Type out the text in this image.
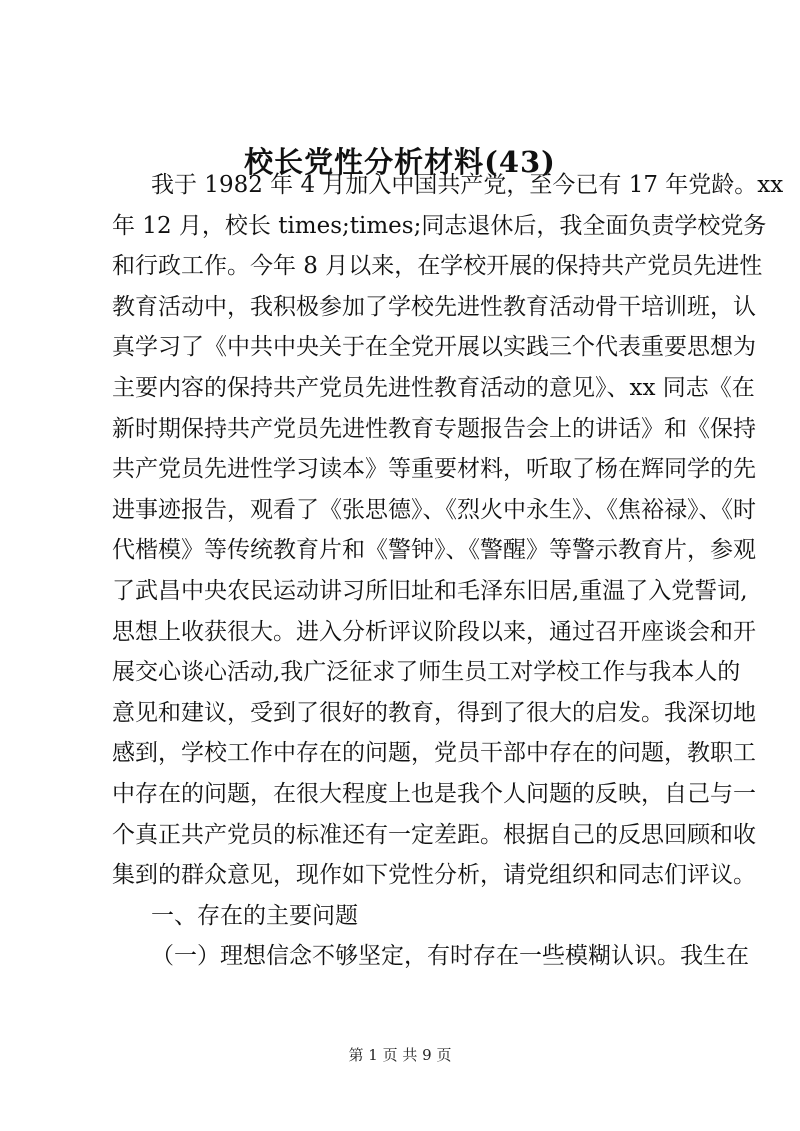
校长党性分析材料(43)
我于 1982 年 4 月加入中国共产党，至今已有 17 年党龄。xx
年 12 月，校长 times;times;同志退休后，我全面负责学校党务
和行政工作。今年 8 月以来，在学校开展的保持共产党员先进性
教育活动中，我积极参加了学校先进性教育活动骨干培训班，认
真学习了《中共中央关于在全党开展以实践三个代表重要思想为
主要内容的保持共产党员先进性教育活动的意见》、xx 同志《在
新时期保持共产党员先进性教育专题报告会上的讲话》和《保持
共产党员先进性学习读本》等重要材料，听取了杨在辉同学的先
进事迹报告，观看了《张思德》、《烈火中永生》、《焦裕禄》、《时
代楷模》等传统教育片和《警钟》、《警醒》等警示教育片，参观
了武昌中央农民运动讲习所旧址和毛泽东旧居,重温了入党誓词,
思想上收获很大。进入分析评议阶段以来，通过召开座谈会和开
展交心谈心活动,我广泛征求了师生员工对学校工作与我本人的
意见和建议，受到了很好的教育，得到了很大的启发。我深切地
感到，学校工作中存在的问题，党员干部中存在的问题，教职工
中存在的问题，在很大程度上也是我个人问题的反映，自己与一
个真正共产党员的标准还有一定差距。根据自己的反思回顾和收
集到的群众意见，现作如下党性分析，请党组织和同志们评议。
一、存在的主要问题
（一）理想信念不够坚定，有时存在一些模糊认识。我生在
第 1 页 共 9 页
